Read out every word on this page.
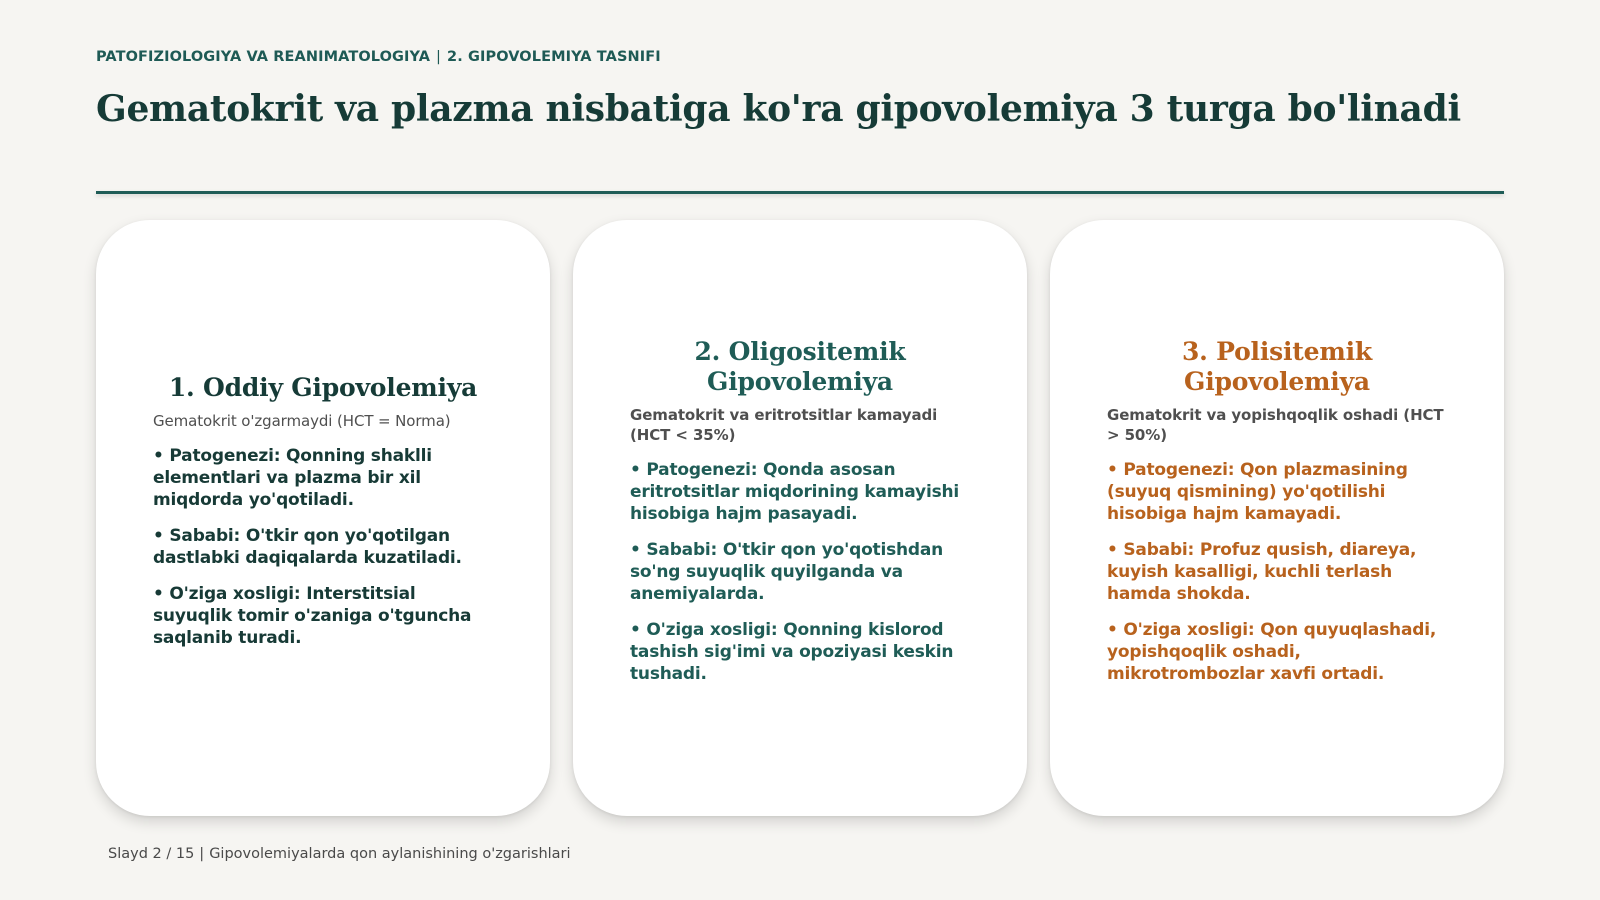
PATOFIZIOLOGIYA VA REANIMATOLOGIYA | 2. GIPOVOLEMIYA TASNIFI
Gematokrit va plazma nisbatiga ko'ra gipovolemiya 3 turga bo'linadi
1. Oddiy Gipovolemiya

Gematokrit o'zgarmaydi (HCT = Norma)

• Patogenezi: Qonning shaklli elementlari va plazma bir xil miqdorda yo'qotiladi.
• Sababi: O'tkir qon yo'qotilgan dastlabki daqiqalarda kuzatiladi.
• O'ziga xosligi: Interstitsial suyuqlik tomir o'zaniga o'tguncha saqlanib turadi.
2. Oligositemik Gipovolemiya

Gematokrit va eritrotsitlar kamayadi (HCT < 35%)

• Patogenezi: Qonda asosan eritrotsitlar miqdorining kamayishi hisobiga hajm pasayadi.
• Sababi: O'tkir qon yo'qotishdan so'ng suyuqlik quyilganda va anemiyalarda.
• O'ziga xosligi: Qonning kislorod tashish sig'imi va opoziyasi keskin tushadi.
3. Polisitemik Gipovolemiya

Gematokrit va yopishqoqlik oshadi (HCT > 50%)

• Patogenezi: Qon plazmasining (suyuq qismining) yo'qotilishi hisobiga hajm kamayadi.
• Sababi: Profuz qusish, diareya, kuyish kasalligi, kuchli terlash hamda shokda.
• O'ziga xosligi: Qon quyuqlashadi, yopishqoqlik oshadi, mikrotrombozlar xavfi ortadi.
Slayd 2 / 15 | Gipovolemiyalarda qon aylanishining o'zgarishlari
